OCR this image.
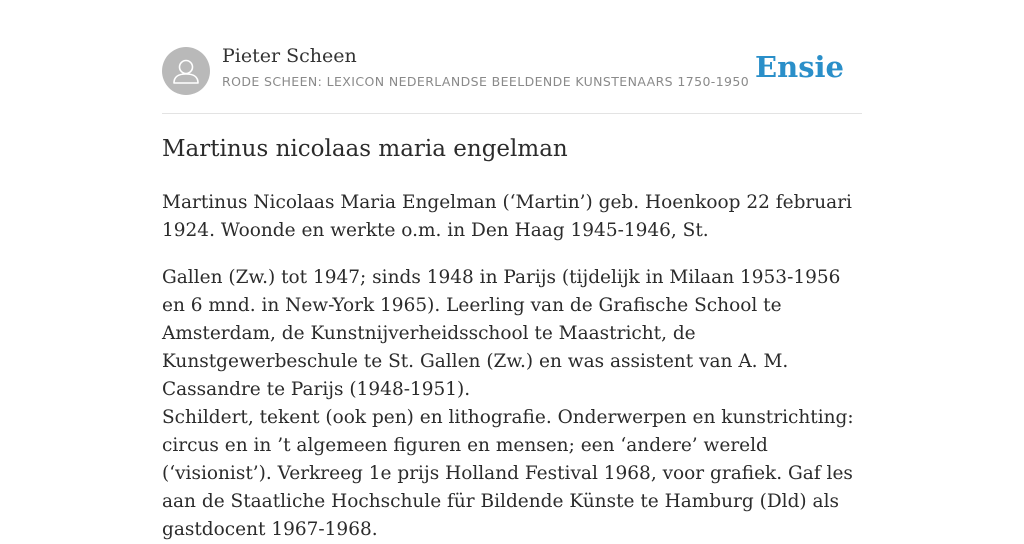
Pieter Scheen
RODE SCHEEN: LEXICON NEDERLANDSE BEELDENDE KUNSTENAARS 1750-1950 Ensie
Martinus nicolaas maria engelman

Martinus Nicolaas Maria Engelman (‘Martin’) geb. Hoenkoop 22 februari 1924. Woonde en werkte o.m. in Den Haag 1945-1946, St.

Gallen (Zw.) tot 1947; sinds 1948 in Parijs (tijdelijk in Milaan 1953-1956 en 6 mnd. in New-York 1965). Leerling van de Grafische School te Amsterdam, de Kunstnijverheidsschool te Maastricht, de Kunstgewerbeschule te St. Gallen (Zw.) en was assistent van A. M. Cassandre te Parijs (1948-1951).

Schildert, tekent (ook pen) en lithografie. Onderwerpen en kunstrichting: circus en in ’t algemeen figuren en mensen; een ‘andere’ wereld (‘visionist’). Verkreeg 1e prijs Holland Festival 1968, voor grafiek. Gaf les aan de Staatliche Hochschule für Bildende Künste te Hamburg (Dld) als gastdocent 1967-1968.
